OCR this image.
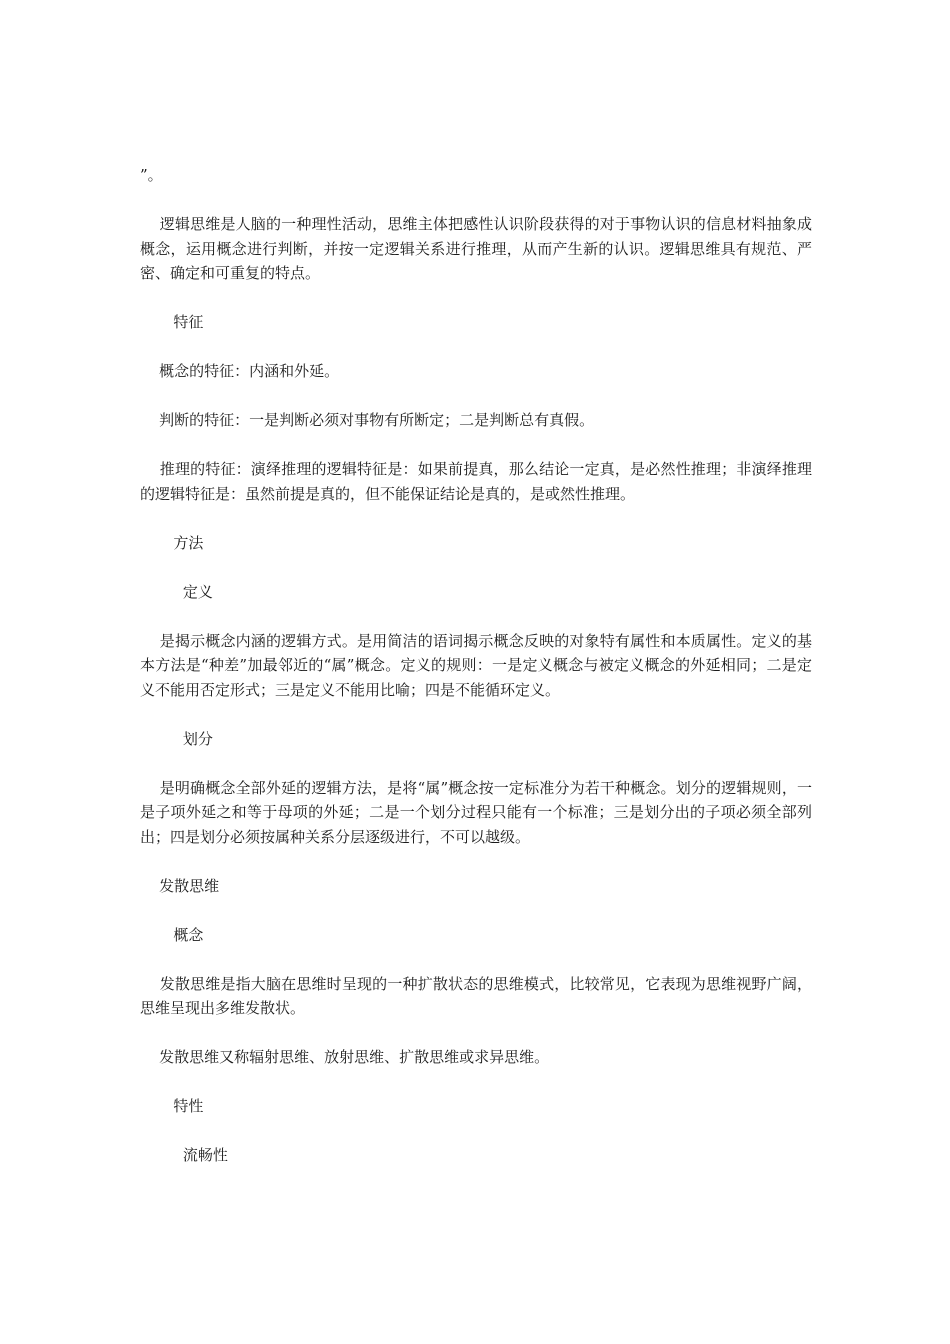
”。
逻辑思维是人脑的一种理性活动，思维主体把感性认识阶段获得的对于事物认识的信息材料抽象成概念，运用概念进行判断，并按一定逻辑关系进行推理，从而产生新的认识。逻辑思维具有规范、严密、确定和可重复的特点。
特征
概念的特征：内涵和外延。
判断的特征：一是判断必须对事物有所断定；二是判断总有真假。
推理的特征：演绎推理的逻辑特征是：如果前提真，那么结论一定真，是必然性推理；非演绎推理的逻辑特征是：虽然前提是真的，但不能保证结论是真的，是或然性推理。
方法
定义
是揭示概念内涵的逻辑方式。是用简洁的语词揭示概念反映的对象特有属性和本质属性。定义的基本方法是“种差”加最邻近的“属”概念。定义的规则：一是定义概念与被定义概念的外延相同；二是定义不能用否定形式；三是定义不能用比喻；四是不能循环定义。
划分
是明确概念全部外延的逻辑方法，是将“属”概念按一定标准分为若干种概念。划分的逻辑规则，一是子项外延之和等于母项的外延；二是一个划分过程只能有一个标准；三是划分出的子项必须全部列出；四是划分必须按属种关系分层逐级进行，不可以越级。
发散思维
概念
发散思维是指大脑在思维时呈现的一种扩散状态的思维模式，比较常见，它表现为思维视野广阔，思维呈现出多维发散状。
发散思维又称辐射思维、放射思维、扩散思维或求异思维。
特性
流畅性
